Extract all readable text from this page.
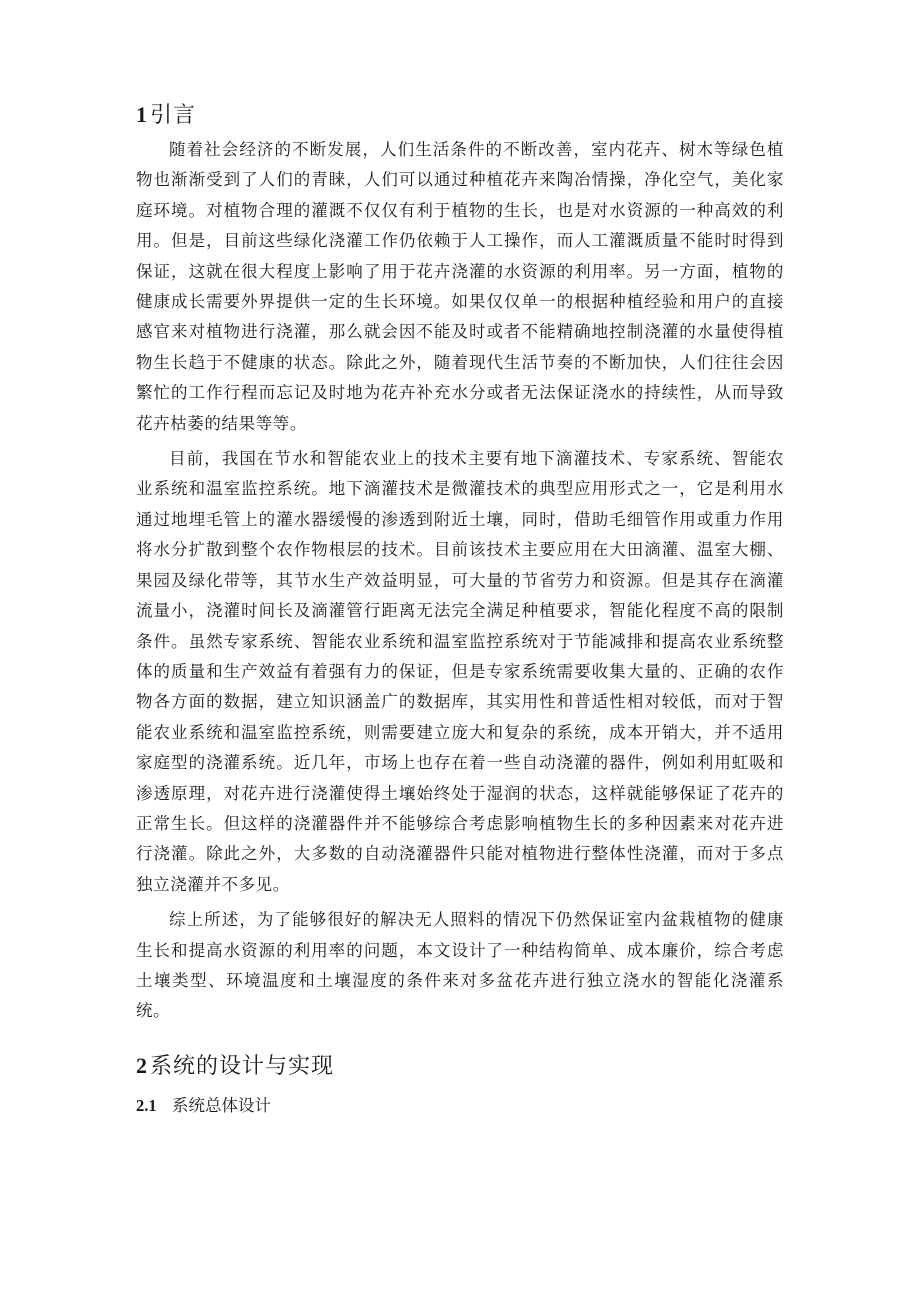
1引言

随着社会经济的不断发展，人们生活条件的不断改善，室内花卉、树木等绿色植物也渐渐受到了人们的青睐，人们可以通过种植花卉来陶冶情操，净化空气，美化家庭环境。对植物合理的灌溉不仅仅有利于植物的生长，也是对水资源的一种高效的利用。但是，目前这些绿化浇灌工作仍依赖于人工操作，而人工灌溉质量不能时时得到保证，这就在很大程度上影响了用于花卉浇灌的水资源的利用率。另一方面，植物的健康成长需要外界提供一定的生长环境。如果仅仅单一的根据种植经验和用户的直接感官来对植物进行浇灌，那么就会因不能及时或者不能精确地控制浇灌的水量使得植物生长趋于不健康的状态。除此之外，随着现代生活节奏的不断加快，人们往往会因繁忙的工作行程而忘记及时地为花卉补充水分或者无法保证浇水的持续性，从而导致花卉枯萎的结果等等。

目前，我国在节水和智能农业上的技术主要有地下滴灌技术、专家系统、智能农业系统和温室监控系统。地下滴灌技术是微灌技术的典型应用形式之一，它是利用水通过地埋毛管上的灌水器缓慢的渗透到附近土壤，同时，借助毛细管作用或重力作用将水分扩散到整个农作物根层的技术。目前该技术主要应用在大田滴灌、温室大棚、果园及绿化带等，其节水生产效益明显，可大量的节省劳力和资源。但是其存在滴灌流量小，浇灌时间长及滴灌管行距离无法完全满足种植要求，智能化程度不高的限制条件。虽然专家系统、智能农业系统和温室监控系统对于节能减排和提高农业系统整体的质量和生产效益有着强有力的保证，但是专家系统需要收集大量的、正确的农作物各方面的数据，建立知识涵盖广的数据库，其实用性和普适性相对较低，而对于智能农业系统和温室监控系统，则需要建立庞大和复杂的系统，成本开销大，并不适用家庭型的浇灌系统。近几年，市场上也存在着一些自动浇灌的器件，例如利用虹吸和渗透原理，对花卉进行浇灌使得土壤始终处于湿润的状态，这样就能够保证了花卉的正常生长。但这样的浇灌器件并不能够综合考虑影响植物生长的多种因素来对花卉进行浇灌。除此之外，大多数的自动浇灌器件只能对植物进行整体性浇灌，而对于多点独立浇灌并不多见。

综上所述，为了能够很好的解决无人照料的情况下仍然保证室内盆栽植物的健康生长和提高水资源的利用率的问题，本文设计了一种结构简单、成本廉价，综合考虑土壤类型、环境温度和土壤湿度的条件来对多盆花卉进行独立浇水的智能化浇灌系统。

2系统的设计与实现
2.1 系统总体设计
